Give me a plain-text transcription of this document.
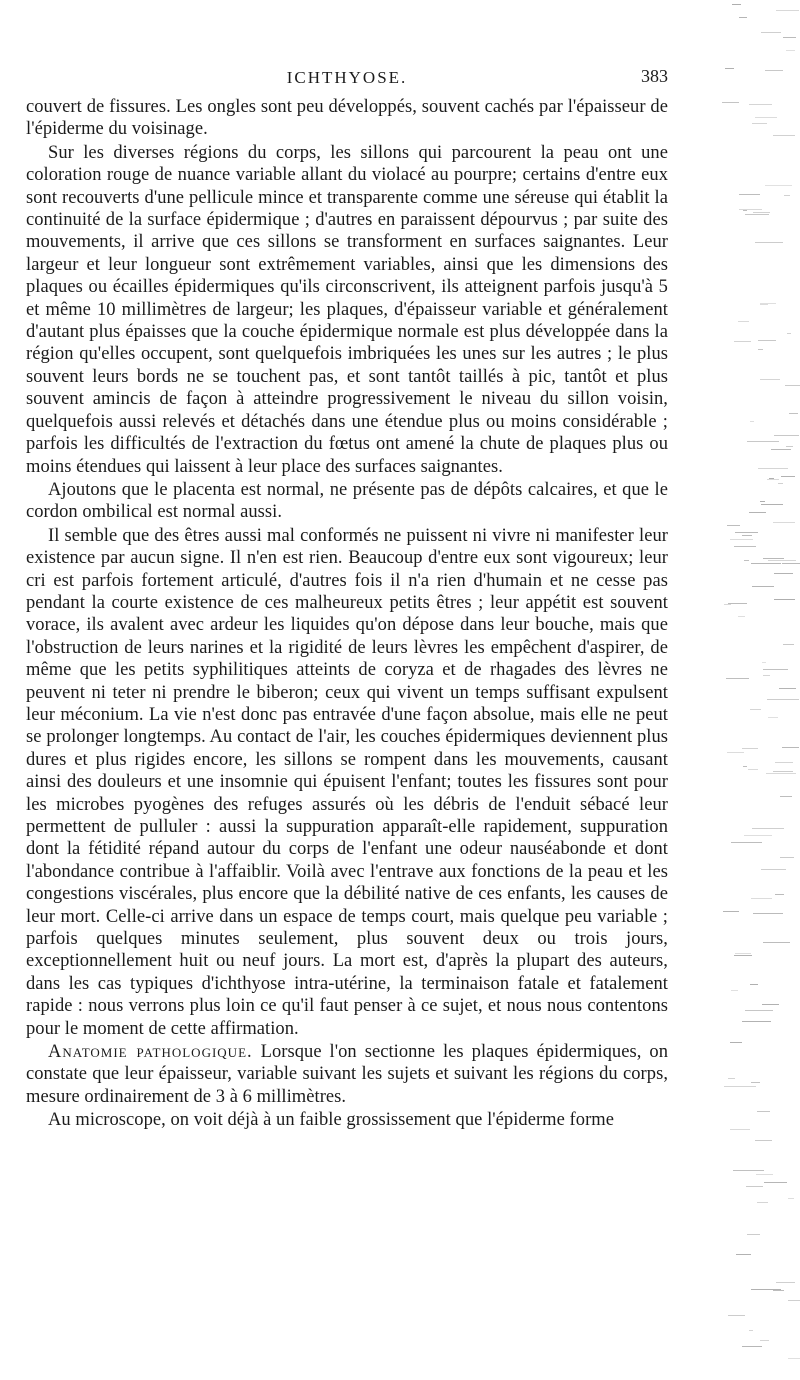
ICHTHYOSE.	383

couvert de fissures. Les ongles sont peu développés, souvent cachés par l'épaisseur de l'épiderme du voisinage.

Sur les diverses régions du corps, les sillons qui parcourent la peau ont une coloration rouge de nuance variable allant du violacé au pourpre; certains d'entre eux sont recouverts d'une pellicule mince et transparente comme une séreuse qui établit la continuité de la surface épidermique ; d'autres en paraissent dépourvus ; par suite des mouvements, il arrive que ces sillons se transforment en surfaces saignantes. Leur largeur et leur longueur sont extrêmement variables, ainsi que les dimensions des plaques ou écailles épidermiques qu'ils circonscrivent, ils atteignent parfois jusqu'à 5 et même 10 millimètres de largeur; les plaques, d'épaisseur variable et généralement d'autant plus épaisses que la couche épidermique normale est plus développée dans la région qu'elles occupent, sont quelquefois imbriquées les unes sur les autres ; le plus souvent leurs bords ne se touchent pas, et sont tantôt taillés à pic, tantôt et plus souvent amincis de façon à atteindre progressivement le niveau du sillon voisin, quelquefois aussi relevés et détachés dans une étendue plus ou moins considérable ; parfois les difficultés de l'extraction du fœtus ont amené la chute de plaques plus ou moins étendues qui laissent à leur place des surfaces saignantes.

Ajoutons que le placenta est normal, ne présente pas de dépôts calcaires, et que le cordon ombilical est normal aussi.

Il semble que des êtres aussi mal conformés ne puissent ni vivre ni manifester leur existence par aucun signe. Il n'en est rien. Beaucoup d'entre eux sont vigoureux; leur cri est parfois fortement articulé, d'autres fois il n'a rien d'humain et ne cesse pas pendant la courte existence de ces malheureux petits êtres ; leur appétit est souvent vorace, ils avalent avec ardeur les liquides qu'on dépose dans leur bouche, mais que l'obstruction de leurs narines et la rigidité de leurs lèvres les empêchent d'aspirer, de même que les petits syphilitiques atteints de coryza et de rhagades des lèvres ne peuvent ni teter ni prendre le biberon; ceux qui vivent un temps suffisant expulsent leur méconium. La vie n'est donc pas entravée d'une façon absolue, mais elle ne peut se prolonger longtemps. Au contact de l'air, les couches épidermiques deviennent plus dures et plus rigides encore, les sillons se rompent dans les mouvements, causant ainsi des douleurs et une insomnie qui épuisent l'enfant; toutes les fissures sont pour les microbes pyogènes des refuges assurés où les débris de l'enduit sébacé leur permettent de pulluler : aussi la suppuration apparaît-elle rapidement, suppuration dont la fétidité répand autour du corps de l'enfant une odeur nauséabonde et dont l'abondance contribue à l'affaiblir. Voilà avec l'entrave aux fonctions de la peau et les congestions viscérales, plus encore que la débilité native de ces enfants, les causes de leur mort. Celle-ci arrive dans un espace de temps court, mais quelque peu variable ; parfois quelques minutes seulement, plus souvent deux ou trois jours, exceptionnellement huit ou neuf jours. La mort est, d'après la plupart des auteurs, dans les cas typiques d'ichthyose intra-utérine, la terminaison fatale et fatalement rapide : nous verrons plus loin ce qu'il faut penser à ce sujet, et nous nous contentons pour le moment de cette affirmation.

Anatomie pathologique. Lorsque l'on sectionne les plaques épidermiques, on constate que leur épaisseur, variable suivant les sujets et suivant les régions du corps, mesure ordinairement de 3 à 6 millimètres.

Au microscope, on voit déjà à un faible grossissement que l'épiderme forme
